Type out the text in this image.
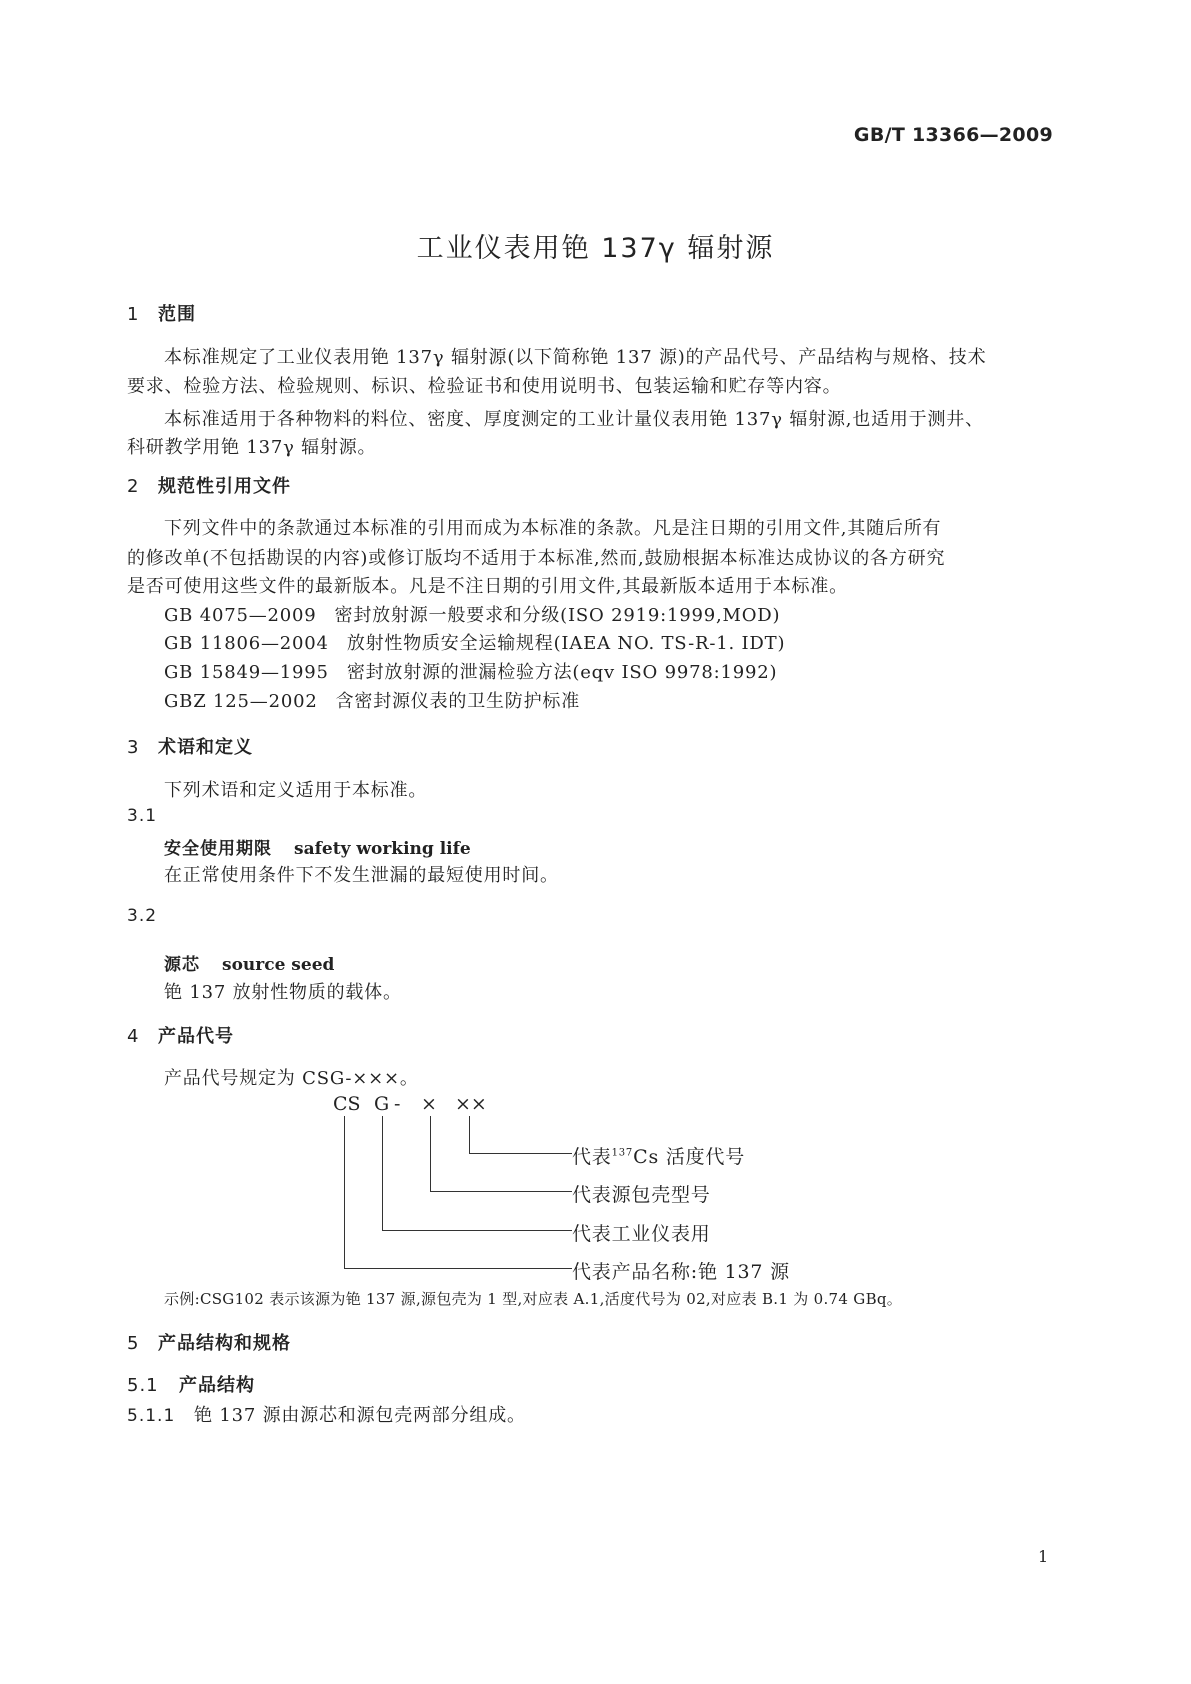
GB/T 13366—2009
工业仪表用铯 137γ 辐射源
1 范围
本标准规定了工业仪表用铯 137γ 辐射源(以下简称铯 137 源)的产品代号、产品结构与规格、技术
要求、检验方法、检验规则、标识、检验证书和使用说明书、包装运输和贮存等内容。
本标准适用于各种物料的料位、密度、厚度测定的工业计量仪表用铯 137γ 辐射源,也适用于测井、
科研教学用铯 137γ 辐射源。
2 规范性引用文件
下列文件中的条款通过本标准的引用而成为本标准的条款。凡是注日期的引用文件,其随后所有
的修改单(不包括勘误的内容)或修订版均不适用于本标准,然而,鼓励根据本标准达成协议的各方研究
是否可使用这些文件的最新版本。凡是不注日期的引用文件,其最新版本适用于本标准。
GB 4075—2009 密封放射源一般要求和分级(ISO 2919:1999,MOD)
GB 11806—2004 放射性物质安全运输规程(IAEA NO. TS-R-1. IDT)
GB 15849—1995 密封放射源的泄漏检验方法(eqv ISO 9978:1992)
GBZ 125—2002 含密封源仪表的卫生防护标准
3 术语和定义
下列术语和定义适用于本标准。
3.1
安全使用期限 safety working life
在正常使用条件下不发生泄漏的最短使用时间。
3.2
源芯 source seed
铯 137 放射性物质的载体。
4 产品代号
产品代号规定为 CSG-×××。
CS G - × ××
代表$^{137}$Cs 活度代号
代表源包壳型号
代表工业仪表用
代表产品名称:铯 137 源
示例:CSG102 表示该源为铯 137 源,源包壳为 1 型,对应表 A.1,活度代号为 02,对应表 B.1 为 0.74 GBq。
5 产品结构和规格
5.1 产品结构
5.1.1 铯 137 源由源芯和源包壳两部分组成。
1
